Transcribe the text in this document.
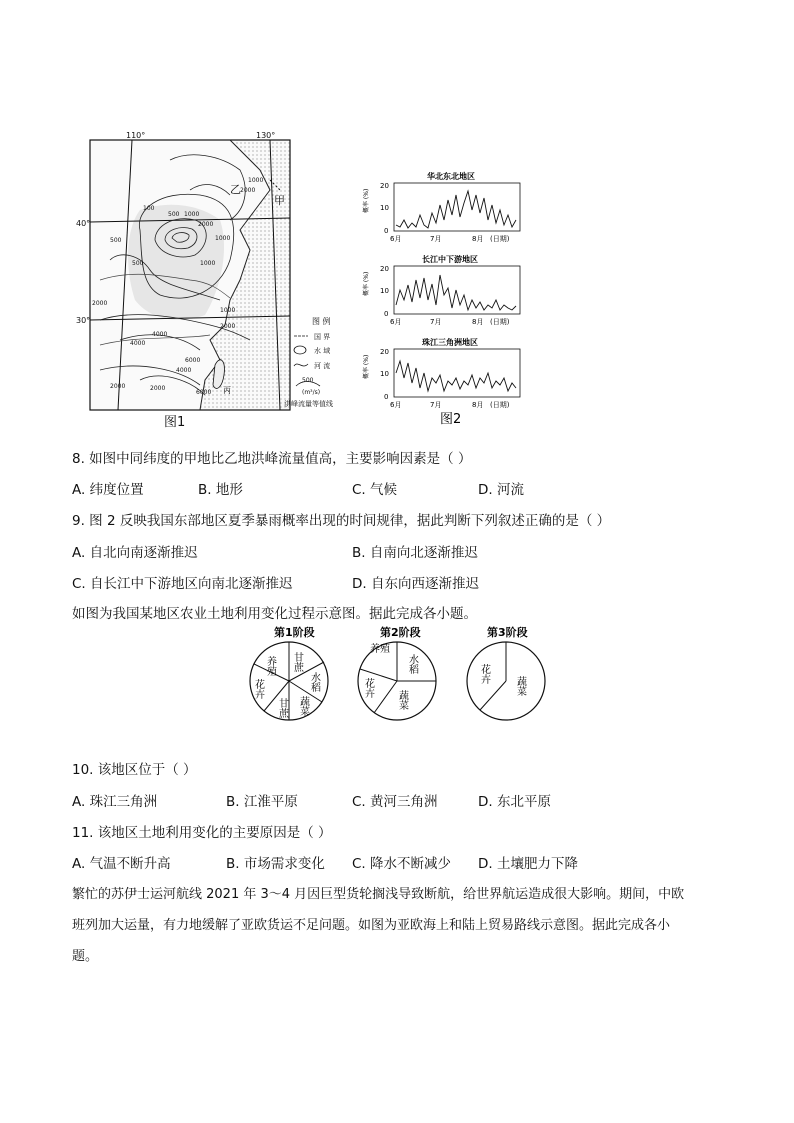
110°	130°
40°
30°
乙
甲
丙
2000
1000
100
500 1000
2000
500	1000
1000
500
2000
1000
2000
4000
4000
2000
4000
6000
2000
6000
图 例
国 界
水 域
河 流
500
(m³/s)
洪峰流量等值线
图1
华北东北地区
20
10
0
概率 (%)
6月	7月	8月 (日期)
长江中下游地区
20
10
0
概率 (%)
6月	7月	8月 (日期)
珠江三角洲地区
20
10
0
概率 (%)
6月	7月	8月 (日期)
图2
8. 如图中同纬度的甲地比乙地洪峰流量值高，主要影响因素是（ ）
A. 纬度位置	B. 地形	C. 气候	D. 河流
9. 图 2 反映我国东部地区夏季暴雨概率出现的时间规律，据此判断下列叙述正确的是（ ）
A. 自北向南逐渐推迟	B. 自南向北逐渐推迟
C. 自长江中下游地区向南北逐渐推迟	D. 自东向西逐渐推迟
如图为我国某地区农业土地利用变化过程示意图。据此完成各小题。
第1阶段
养殖 甘蔗
水稻
蔬菜
甘蔗
花卉
第2阶段
养殖
水稻
蔬菜
花卉
第3阶段
花卉
蔬菜
10. 该地区位于（ ）
A. 珠江三角洲	B. 江淮平原	C. 黄河三角洲	D. 东北平原
11. 该地区土地利用变化的主要原因是（ ）
A. 气温不断升高	B. 市场需求变化 C. 降水不断减少 D. 土壤肥力下降
繁忙的苏伊士运河航线 2021 年 3～4 月因巨型货轮搁浅导致断航，给世界航运造成很大影响。期间，中欧
班列加大运量，有力地缓解了亚欧货运不足问题。如图为亚欧海上和陆上贸易路线示意图。据此完成各小
题。
